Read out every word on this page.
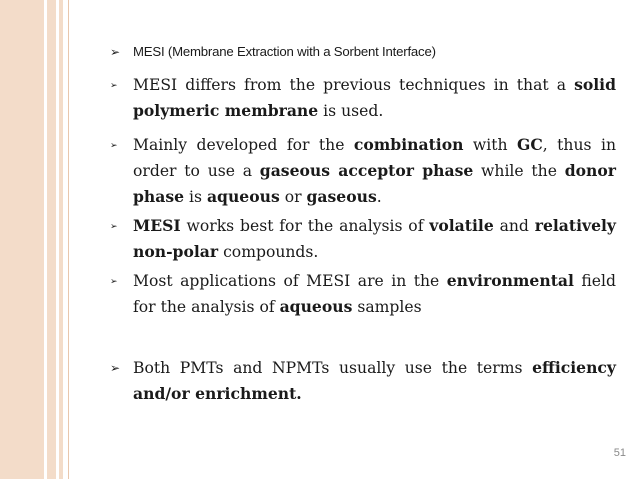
➢ MESI (Membrane Extraction with a Sorbent Interface)
➢ MESI differs from the previous techniques in that a solid polymeric membrane is used.
➢ Mainly developed for the combination with GC, thus in order to use a gaseous acceptor phase while the donor phase is aqueous or gaseous.
➢ MESI works best for the analysis of volatile and relatively non-polar compounds.
➢ Most applications of MESI are in the environmental field for the analysis of aqueous samples
➢ Both PMTs and NPMTs usually use the terms efficiency and/or enrichment.
51
